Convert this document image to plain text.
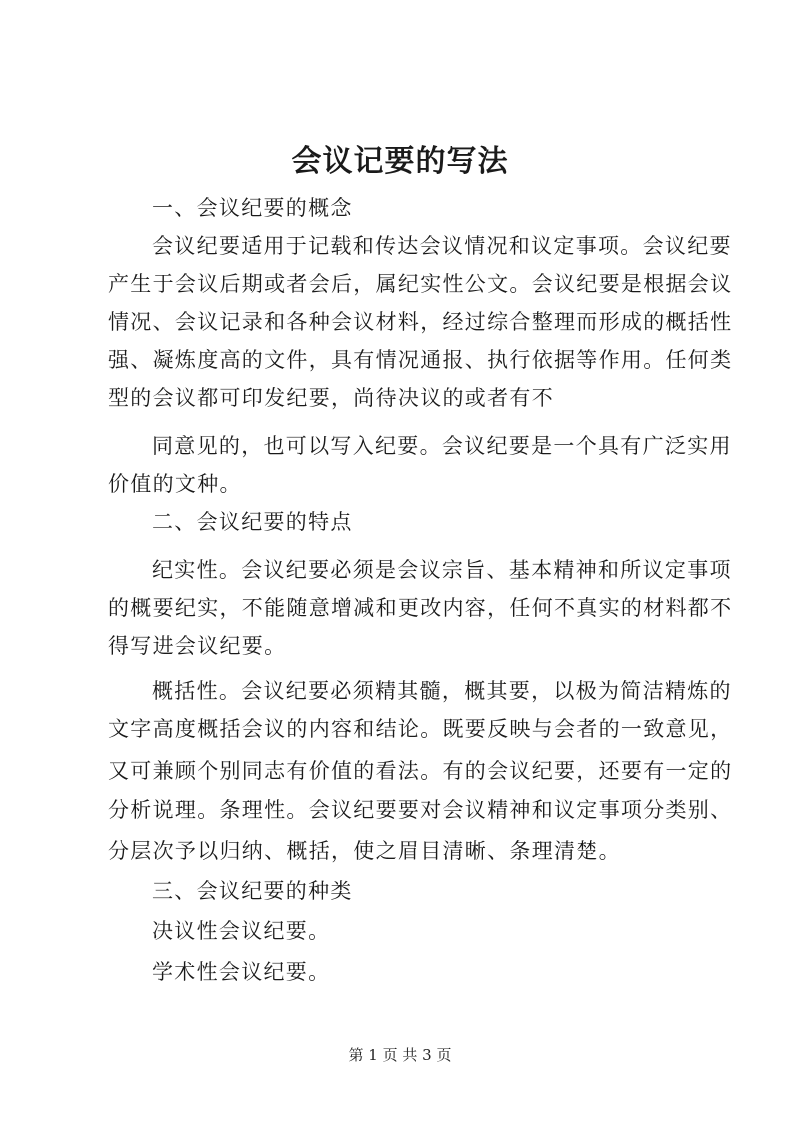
会议记要的写法
一、会议纪要的概念
会议纪要适用于记载和传达会议情况和议定事项。会议纪要
产生于会议后期或者会后，属纪实性公文。会议纪要是根据会议
情况、会议记录和各种会议材料，经过综合整理而形成的概括性
强、凝炼度高的文件，具有情况通报、执行依据等作用。任何类
型的会议都可印发纪要，尚待决议的或者有不
同意见的，也可以写入纪要。会议纪要是一个具有广泛实用
价值的文种。
二、会议纪要的特点
纪实性。会议纪要必须是会议宗旨、基本精神和所议定事项
的概要纪实，不能随意增减和更改内容，任何不真实的材料都不
得写进会议纪要。
概括性。会议纪要必须精其髓，概其要，以极为简洁精炼的
文字高度概括会议的内容和结论。既要反映与会者的一致意见，
又可兼顾个别同志有价值的看法。有的会议纪要，还要有一定的
分析说理。条理性。会议纪要要对会议精神和议定事项分类别、
分层次予以归纳、概括，使之眉目清晰、条理清楚。
三、会议纪要的种类
决议性会议纪要。
学术性会议纪要。
第 1 页 共 3 页
